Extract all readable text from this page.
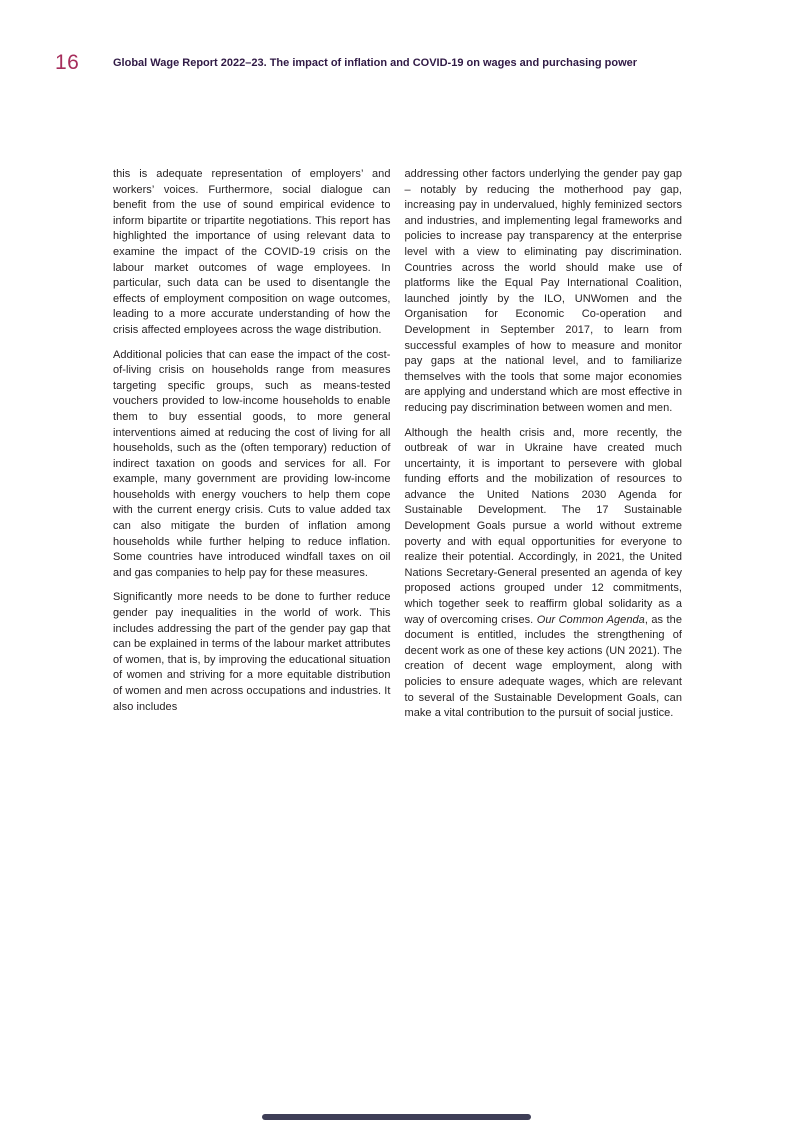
16	Global Wage Report 2022–23. The impact of inflation and COVID-19 on wages and purchasing power

this is adequate representation of employers’ and workers’ voices. Furthermore, social dialogue can benefit from the use of sound empirical evidence to inform bipartite or tripartite negotiations. This report has highlighted the importance of using relevant data to examine the impact of the COVID-19 crisis on the labour market outcomes of wage employees. In particular, such data can be used to disentangle the effects of employment composition on wage outcomes, leading to a more accurate understanding of how the crisis affected employees across the wage distribution.

Additional policies that can ease the impact of the cost-of-living crisis on households range from measures targeting specific groups, such as means-tested vouchers provided to low-income households to enable them to buy essential goods, to more general interventions aimed at reducing the cost of living for all households, such as the (often temporary) reduction of indirect taxation on goods and services for all. For example, many government are providing low-income households with energy vouchers to help them cope with the current energy crisis. Cuts to value added tax can also mitigate the burden of inflation among households while further helping to reduce inflation. Some countries have introduced windfall taxes on oil and gas companies to help pay for these measures.

Significantly more needs to be done to further reduce gender pay inequalities in the world of work. This includes addressing the part of the gender pay gap that can be explained in terms of the labour market attributes of women, that is, by improving the educational situation of women and striving for a more equitable distribution of women and men across occupations and industries. It also includes

addressing other factors underlying the gender pay gap – notably by reducing the motherhood pay gap, increasing pay in undervalued, highly feminized sectors and industries, and implementing legal frameworks and policies to increase pay transparency at the enterprise level with a view to eliminating pay discrimination. Countries across the world should make use of platforms like the Equal Pay International Coalition, launched jointly by the ILO, UNWomen and the Organisation for Economic Co-operation and Development in September 2017, to learn from successful examples of how to measure and monitor pay gaps at the national level, and to familiarize themselves with the tools that some major economies are applying and understand which are most effective in reducing pay discrimination between women and men.

Although the health crisis and, more recently, the outbreak of war in Ukraine have created much uncertainty, it is important to persevere with global funding efforts and the mobilization of resources to advance the United Nations 2030 Agenda for Sustainable Development. The 17 Sustainable Development Goals pursue a world without extreme poverty and with equal opportunities for everyone to realize their potential. Accordingly, in 2021, the United Nations Secretary-General presented an agenda of key proposed actions grouped under 12 commitments, which together seek to reaffirm global solidarity as a way of overcoming crises. Our Common Agenda, as the document is entitled, includes the strengthening of decent work as one of these key actions (UN 2021). The creation of decent wage employment, along with policies to ensure adequate wages, which are relevant to several of the Sustainable Development Goals, can make a vital contribution to the pursuit of social justice.
